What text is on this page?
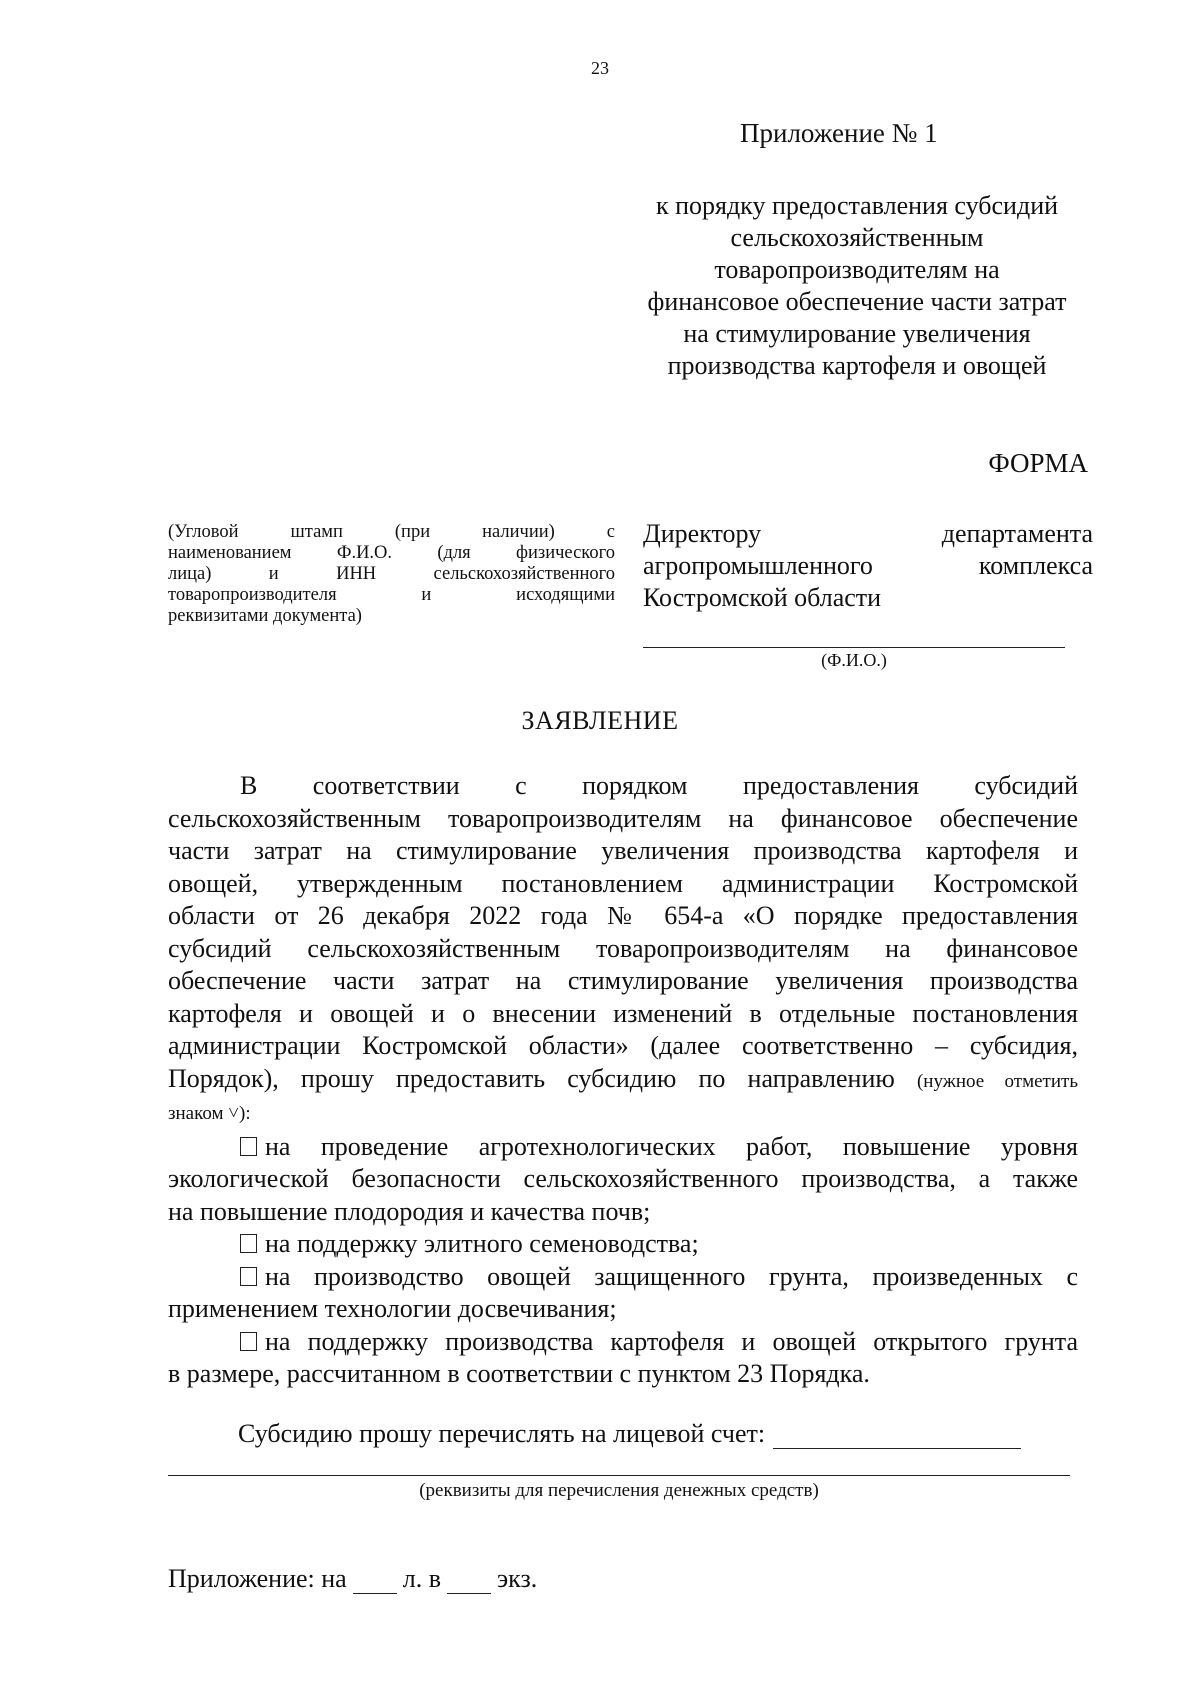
23
Приложение № 1
к порядку предоставления субсидий
сельскохозяйственным
товаропроизводителям на
финансовое обеспечение части затрат
на стимулирование увеличения
производства картофеля и овощей
ФОРМА
(Угловой штамп (при наличии) с
наименованием Ф.И.О. (для физического
лица) и ИНН сельскохозяйственного
товаропроизводителя и исходящими
реквизитами документа)
Директору департамента
агропромышленного комплекса
Костромской области
(Ф.И.О.)
ЗАЯВЛЕНИЕ
В соответствии с порядком предоставления субсидий
сельскохозяйственным товаропроизводителям на финансовое обеспечение
части затрат на стимулирование увеличения производства картофеля и
овощей, утвержденным постановлением администрации Костромской
области от 26 декабря 2022 года № 654-а «О порядке предоставления
субсидий сельскохозяйственным товаропроизводителям на финансовое
обеспечение части затрат на стимулирование увеличения производства
картофеля и овощей и о внесении изменений в отдельные постановления
администрации Костромской области» (далее соответственно – субсидия,
Порядок), прошу предоставить субсидию по направлению (нужное отметить
знаком ˅):
на проведение агротехнологических работ, повышение уровня
экологической безопасности сельскохозяйственного производства, а также
на повышение плодородия и качества почв;
на поддержку элитного семеноводства;
на производство овощей защищенного грунта, произведенных с
применением технологии досвечивания;
на поддержку производства картофеля и овощей открытого грунта
в размере, рассчитанном в соответствии с пунктом 23 Порядка.
Субсидию прошу перечислять на лицевой счет:
(реквизиты для перечисления денежных средств)
Приложение: на л. в экз.
